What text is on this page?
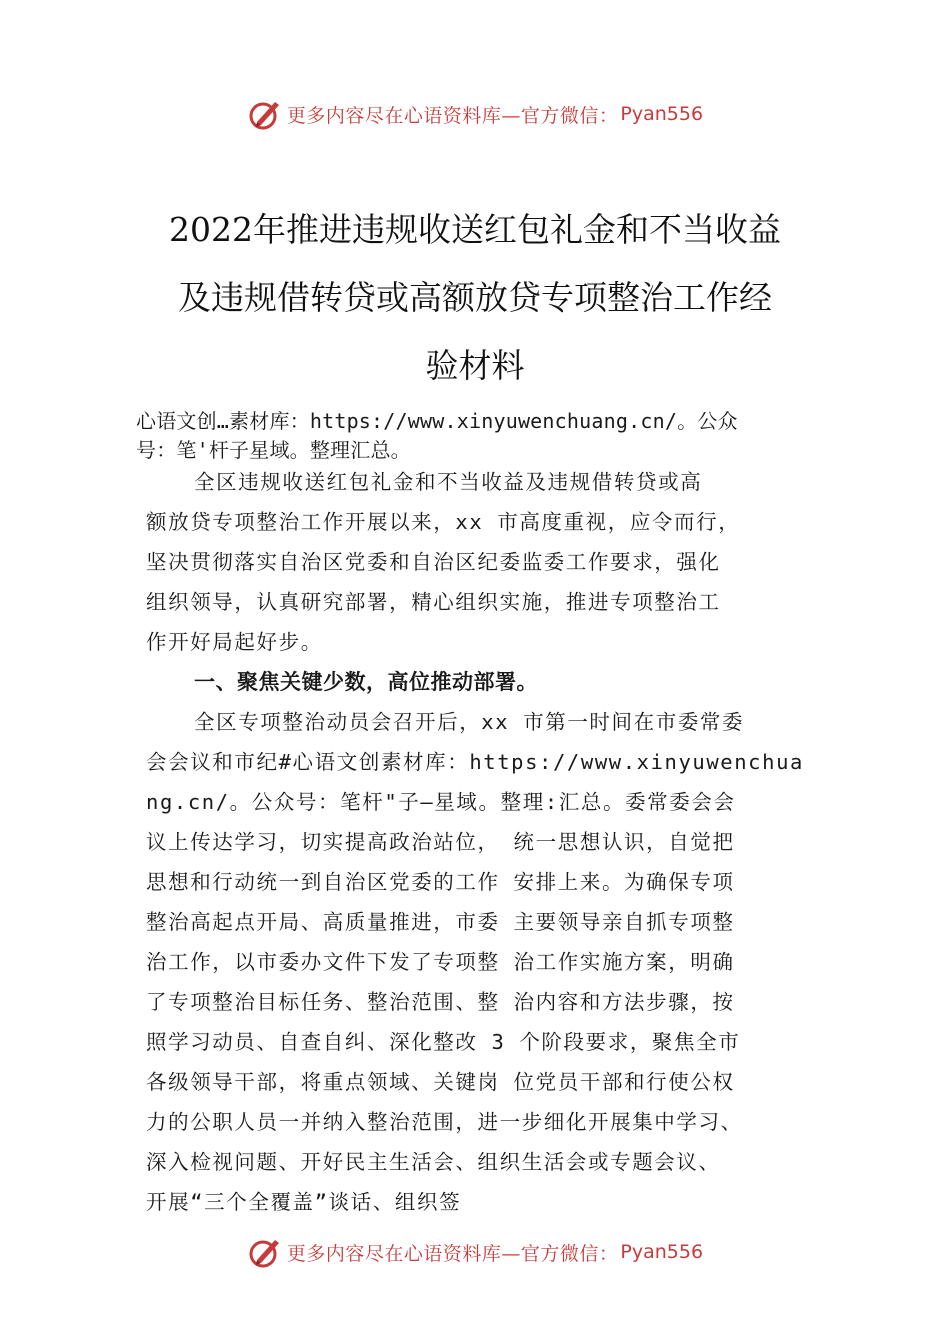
更多内容尽在心语资料库—官方微信： Pyan556
2022年推进违规收送红包礼金和不当收益
及违规借转贷或高额放贷专项整治工作经
验材料
心语文创…素材库：https://www.xinyuwenchuang.cn/。公众
号：笔'杆子星域。整理汇总。
全区违规收送红包礼金和不当收益及违规借转贷或高
额放贷专项整治工作开展以来，xx 市高度重视，应令而行，
坚决贯彻落实自治区党委和自治区纪委监委工作要求，强化
组织领导，认真研究部署，精心组织实施，推进专项整治工
作开好局起好步。
一、聚焦关键少数，高位推动部署。
全区专项整治动员会召开后，xx 市第一时间在市委常委
会会议和市纪#心语文创素材库：https://www.xinyuwenchua
ng.cn/。公众号：笔杆"子—星域。整理:汇总。委常委会会
议上传达学习，切实提高政治站位， 统一思想认识，自觉把
思想和行动统一到自治区党委的工作 安排上来。为确保专项
整治高起点开局、高质量推进，市委 主要领导亲自抓专项整
治工作，以市委办文件下发了专项整 治工作实施方案，明确
了专项整治目标任务、整治范围、整 治内容和方法步骤，按
照学习动员、自查自纠、深化整改 3 个阶段要求，聚焦全市
各级领导干部，将重点领域、关键岗 位党员干部和行使公权
力的公职人员一并纳入整治范围，进一步细化开展集中学习、
深入检视问题、开好民主生活会、组织生活会或专题会议、
开展“三个全覆盖”谈话、组织签
更多内容尽在心语资料库—官方微信： Pyan556
